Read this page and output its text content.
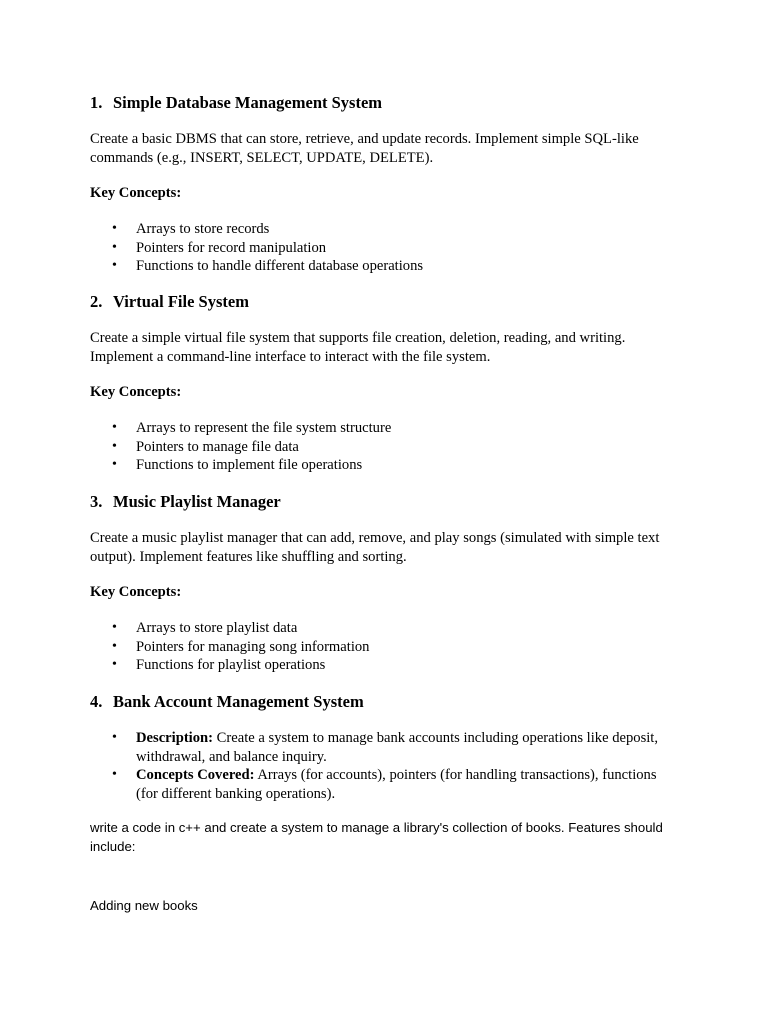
1. Simple Database Management System

Create a basic DBMS that can store, retrieve, and update records. Implement simple SQL-like commands (e.g., INSERT, SELECT, UPDATE, DELETE).

Key Concepts:

• Arrays to store records
• Pointers for record manipulation
• Functions to handle different database operations
2. Virtual File System

Create a simple virtual file system that supports file creation, deletion, reading, and writing. Implement a command-line interface to interact with the file system.

Key Concepts:

• Arrays to represent the file system structure
• Pointers to manage file data
• Functions to implement file operations
3. Music Playlist Manager

Create a music playlist manager that can add, remove, and play songs (simulated with simple text output). Implement features like shuffling and sorting.

Key Concepts:

• Arrays to store playlist data
• Pointers for managing song information
• Functions for playlist operations
4. Bank Account Management System
• Description: Create a system to manage bank accounts including operations like deposit, withdrawal, and balance inquiry.
• Concepts Covered: Arrays (for accounts), pointers (for handling transactions), functions (for different banking operations).

write a code in c++ and create a system to manage a library's collection of books. Features should include:

Adding new books
